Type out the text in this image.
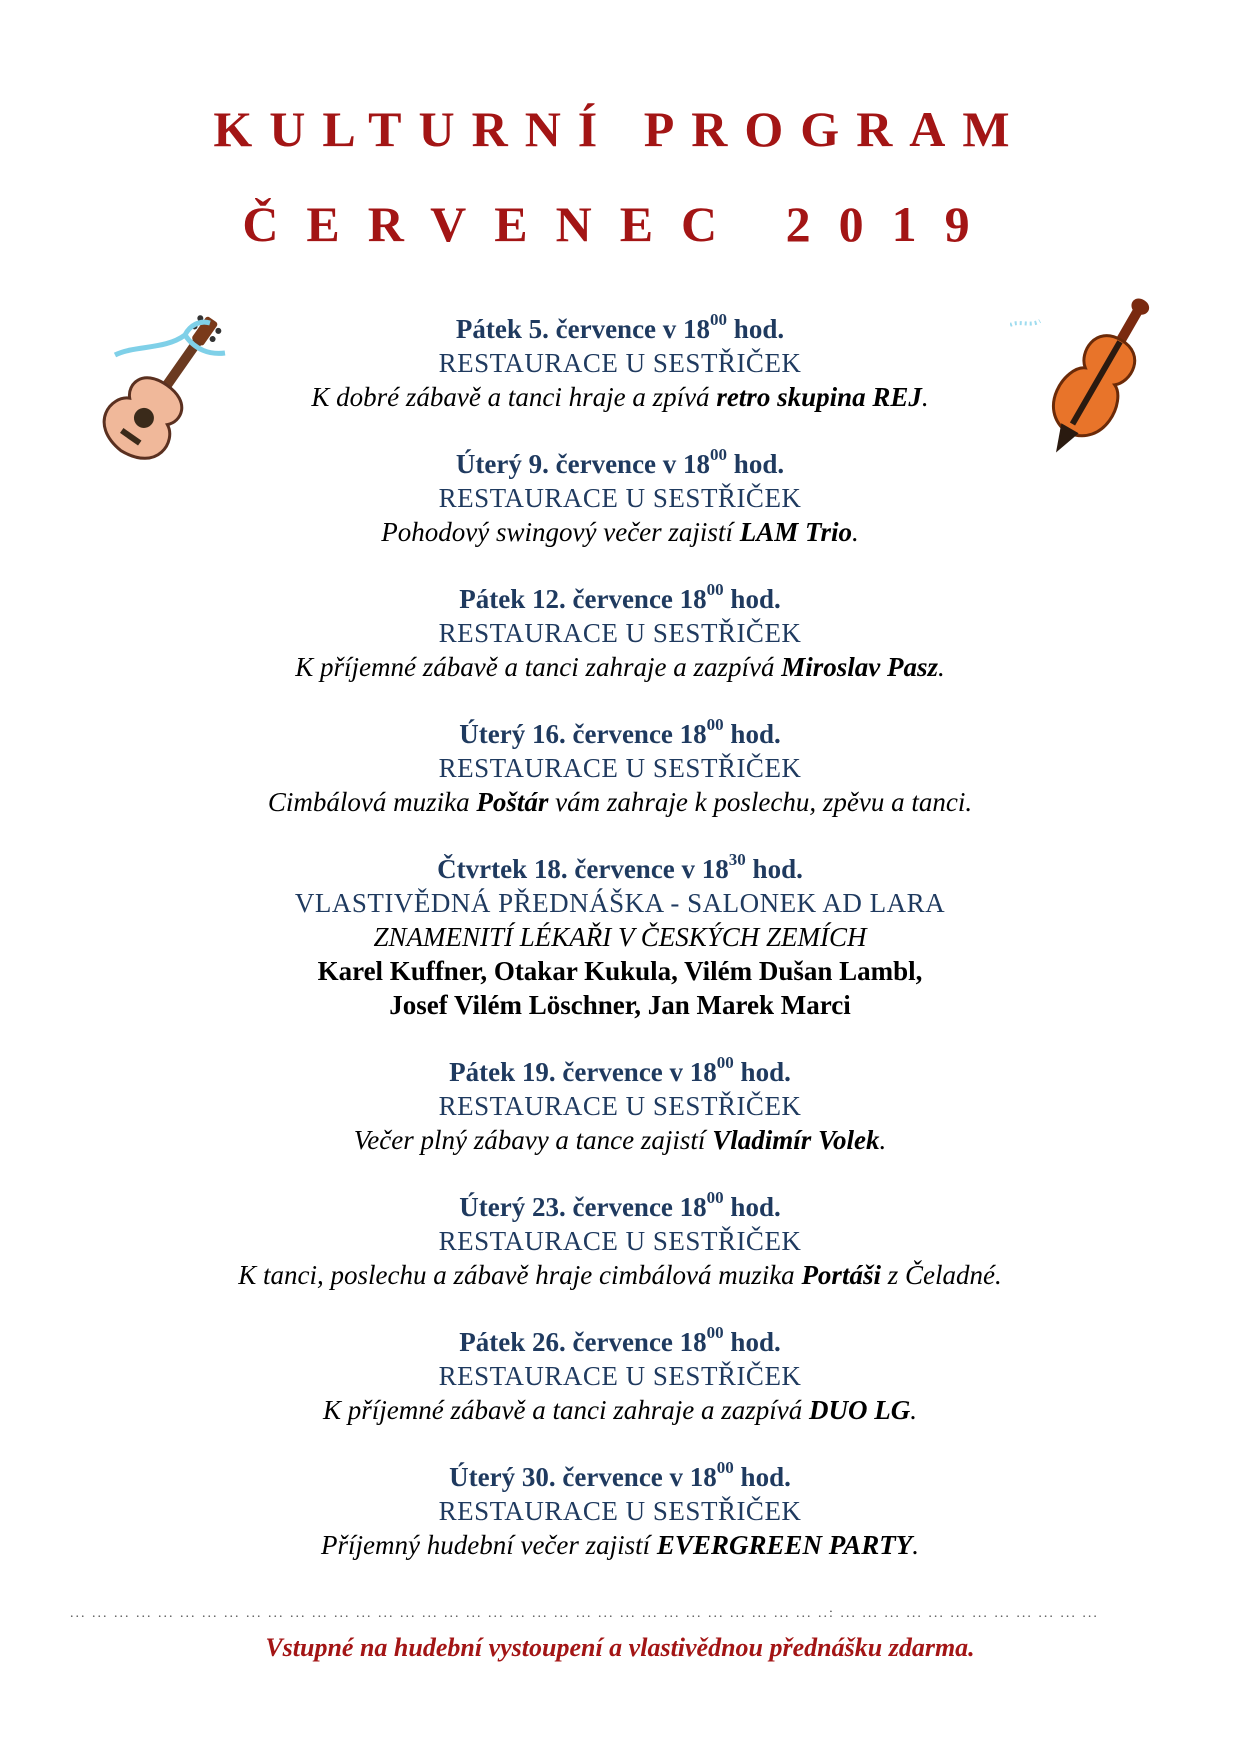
KULTURNÍ PROGRAM
ČERVENEC 2019
Pátek 5. července v $18^{00}$ hod.
RESTAURACE U SESTŘIČEK
K dobré zábavě a tanci hraje a zpívá retro skupina REJ.
Úterý 9. července v $18^{00}$ hod.
RESTAURACE U SESTŘIČEK
Pohodový swingový večer zajistí LAM Trio.
Pátek 12. července $18^{00}$ hod.
RESTAURACE U SESTŘIČEK
K příjemné zábavě a tanci zahraje a zazpívá Miroslav Pasz.
Úterý 16. července $18^{00}$ hod.
RESTAURACE U SESTŘIČEK
Cimbálová muzika Poštár vám zahraje k poslechu, zpěvu a tanci.
Čtvrtek 18. července v $18^{30}$ hod.
VLASTIVĚDNÁ PŘEDNÁŠKA - SALONEK AD LARA
ZNAMENITÍ LÉKAŘI V ČESKÝCH ZEMÍCH
Karel Kuffner, Otakar Kukula, Vilém Dušan Lambl,
Josef Vilém Löschner, Jan Marek Marci
Pátek 19. července v $18^{00}$ hod.
RESTAURACE U SESTŘIČEK
Večer plný zábavy a tance zajistí Vladimír Volek.
Úterý 23. července $18^{00}$ hod.
RESTAURACE U SESTŘIČEK
K tanci, poslechu a zábavě hraje cimbálová muzika Portáši z Čeladné.
Pátek 26. července $18^{00}$ hod.
RESTAURACE U SESTŘIČEK
K příjemné zábavě a tanci zahraje a zazpívá DUO LG.
Úterý 30. července v $18^{00}$ hod.
RESTAURACE U SESTŘIČEK
Příjemný hudební večer zajistí EVERGREEN PARTY.
... ... ... ... ... ... ... ... ... ... ... ... ... ... ... ... ... ... ... ... ... ... ... ... ... ... ... ... ... ... ... ... ... ... ..: ... ... ... ... ... ... ... ... ... ... ... ...
Vstupné na hudební vystoupení a vlastivědnou přednášku zdarma.
